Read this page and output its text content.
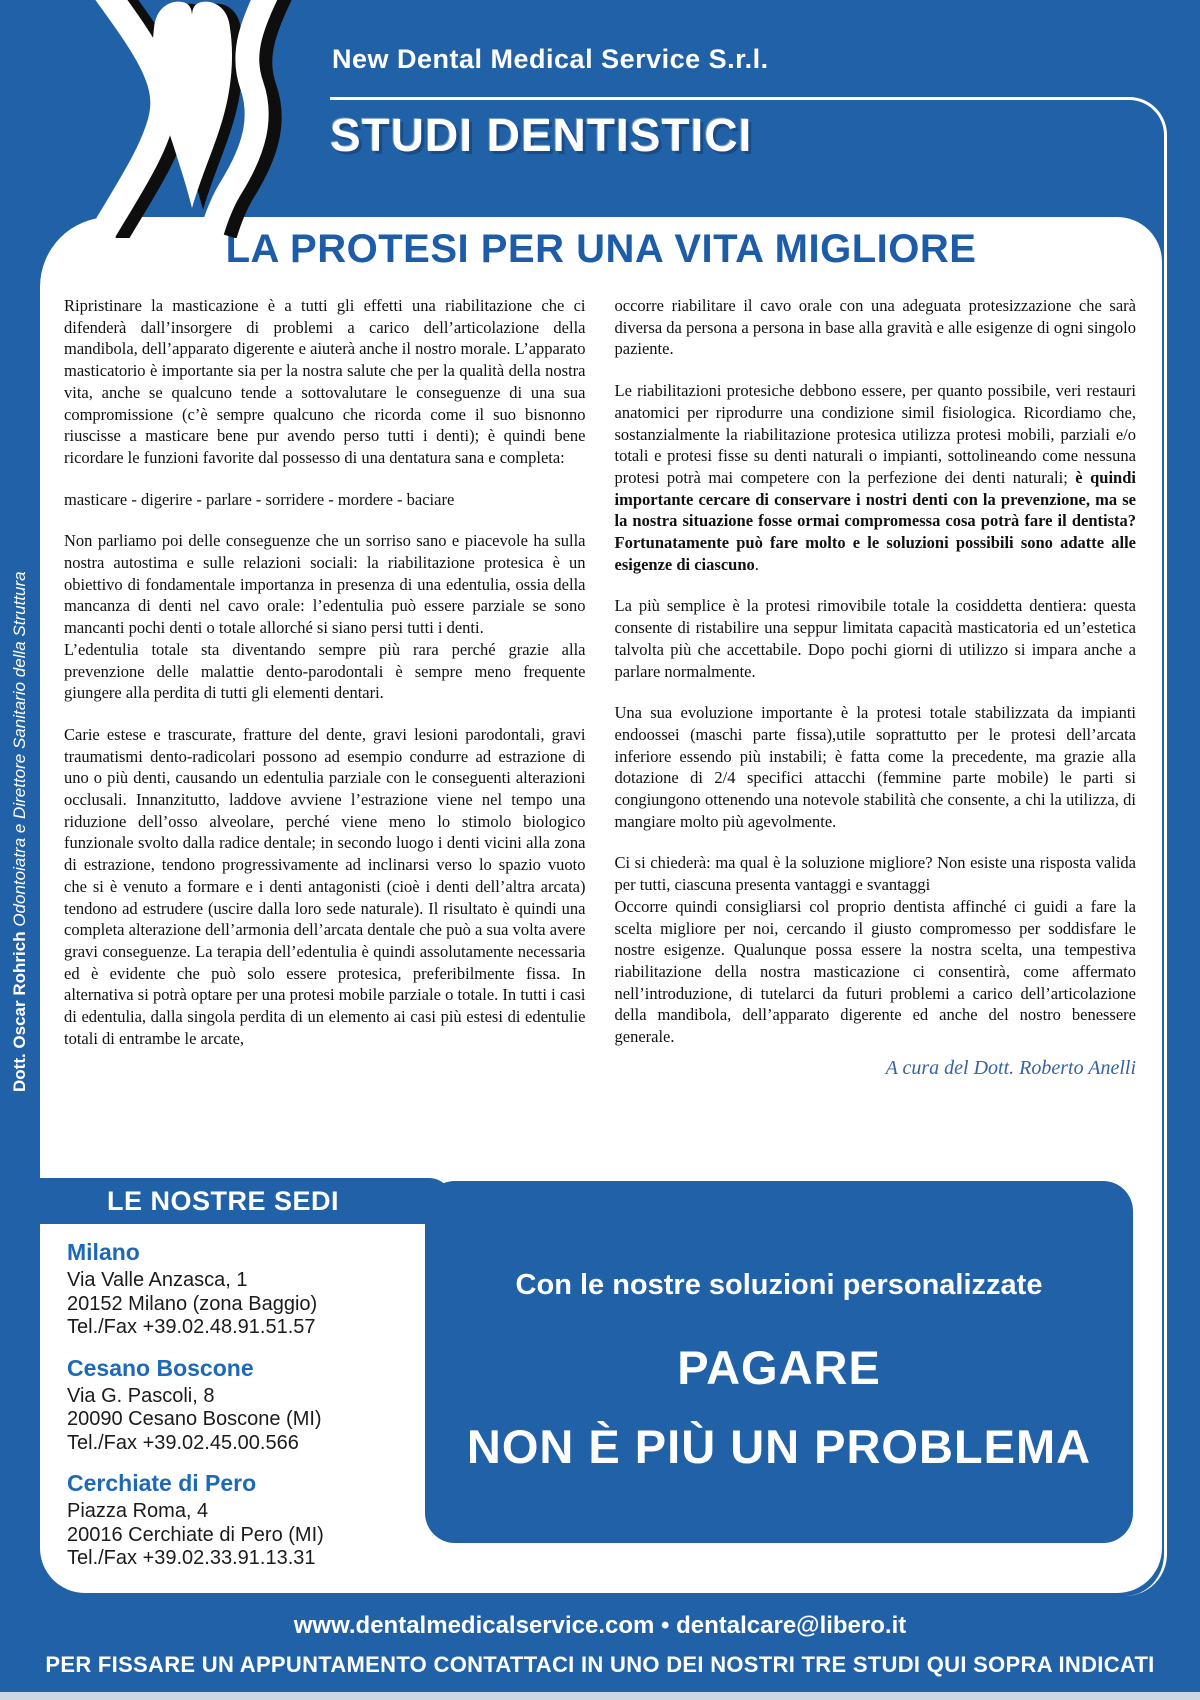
New Dental Medical Service S.r.l.
STUDI DENTISTICI
Dott. Oscar Rohrich Odontoiatra e Direttore Sanitario della Struttura
LA PROTESI PER UNA VITA MIGLIORE

Ripristinare la masticazione è a tutti gli effetti una riabilitazione che ci difenderà dall’insorgere di problemi a carico dell’articolazione della mandibola, dell’apparato digerente e aiuterà anche il nostro morale. L’apparato masticatorio è importante sia per la nostra salute che per la qualità della nostra vita, anche se qualcuno tende a sottovalutare le conseguenze di una sua compromissione (c’è sempre qualcuno che ricorda come il suo bisnonno riuscisse a masticare bene pur avendo perso tutti i denti); è quindi bene ricordare le funzioni favorite dal possesso di una dentatura sana e completa:

masticare - digerire - parlare - sorridere - mordere - baciare

Non parliamo poi delle conseguenze che un sorriso sano e piacevole ha sulla nostra autostima e sulle relazioni sociali: la riabilitazione protesica è un obiettivo di fondamentale importanza in presenza di una edentulia, ossia della mancanza di denti nel cavo orale: l’edentulia può essere parziale se sono mancanti pochi denti o totale allorché si siano persi tutti i denti.

L’edentulia totale sta diventando sempre più rara perché grazie alla prevenzione delle malattie dento-parodontali è sempre meno frequente giungere alla perdita di tutti gli elementi dentari.

Carie estese e trascurate, fratture del dente, gravi lesioni parodontali, gravi traumatismi dento-radicolari possono ad esempio condurre ad estrazione di uno o più denti, causando un edentulia parziale con le conseguenti alterazioni occlusali. Innanzitutto, laddove avviene l’estrazione viene nel tempo una riduzione dell’osso alveolare, perché viene meno lo stimolo biologico funzionale svolto dalla radice dentale; in secondo luogo i denti vicini alla zona di estrazione, tendono progressivamente ad inclinarsi verso lo spazio vuoto che si è venuto a formare e i denti antagonisti (cioè i denti dell’altra arcata) tendono ad estrudere (uscire dalla loro sede naturale). Il risultato è quindi una completa alterazione dell’armonia dell’arcata dentale che può a sua volta avere gravi conseguenze. La terapia dell’edentulia è quindi assolutamente necessaria ed è evidente che può solo essere protesica, preferibilmente fissa. In alternativa si potrà optare per una protesi mobile parziale o totale. In tutti i casi di edentulia, dalla singola perdita di un elemento ai casi più estesi di edentulie totali di entrambe le arcate,

occorre riabilitare il cavo orale con una adeguata protesizzazione che sarà diversa da persona a persona in base alla gravità e alle esigenze di ogni singolo paziente.

Le riabilitazioni protesiche debbono essere, per quanto possibile, veri restauri anatomici per riprodurre una condizione simil fisiologica. Ricordiamo che, sostanzialmente la riabilitazione protesica utilizza protesi mobili, parziali e/o totali e protesi fisse su denti naturali o impianti, sottolineando come nessuna protesi potrà mai competere con la perfezione dei denti naturali; è quindi importante cercare di conservare i nostri denti con la prevenzione, ma se la nostra situazione fosse ormai compromessa cosa potrà fare il dentista? Fortunatamente può fare molto e le soluzioni possibili sono adatte alle esigenze di ciascuno.

La più semplice è la protesi rimovibile totale la cosiddetta dentiera: questa consente di ristabilire una seppur limitata capacità masticatoria ed un’estetica talvolta più che accettabile. Dopo pochi giorni di utilizzo si impara anche a parlare normalmente.

Una sua evoluzione importante è la protesi totale stabilizzata da impianti endoossei (maschi parte fissa),utile soprattutto per le protesi dell’arcata inferiore essendo più instabili; è fatta come la precedente, ma grazie alla dotazione di 2/4 specifici attacchi (femmine parte mobile) le parti si congiungono ottenendo una notevole stabilità che consente, a chi la utilizza, di mangiare molto più agevolmente.

Ci si chiederà: ma qual è la soluzione migliore? Non esiste una risposta valida per tutti, ciascuna presenta vantaggi e svantaggi

Occorre quindi consigliarsi col proprio dentista affinché ci guidi a fare la scelta migliore per noi, cercando il giusto compromesso per soddisfare le nostre esigenze. Qualunque possa essere la nostra scelta, una tempestiva riabilitazione della nostra masticazione ci consentirà, come affermato nell’introduzione, di tutelarci da futuri problemi a carico dell’articolazione della mandibola, dell’apparato digerente ed anche del nostro benessere generale.

A cura del Dott. Roberto Anelli
LE NOSTRE SEDI
Milano
Via Valle Anzasca, 1
20152 Milano (zona Baggio)
Tel./Fax +39.02.48.91.51.57
Cesano Boscone
Via G. Pascoli, 8
20090 Cesano Boscone (MI)
Tel./Fax +39.02.45.00.566
Cerchiate di Pero
Piazza Roma, 4
20016 Cerchiate di Pero (MI)
Tel./Fax +39.02.33.91.13.31
Con le nostre soluzioni personalizzate
PAGARE
NON È PIÙ UN PROBLEMA
www.dentalmedicalservice.com • dentalcare@libero.it
PER FISSARE UN APPUNTAMENTO CONTATTACI IN UNO DEI NOSTRI TRE STUDI QUI SOPRA INDICATI
